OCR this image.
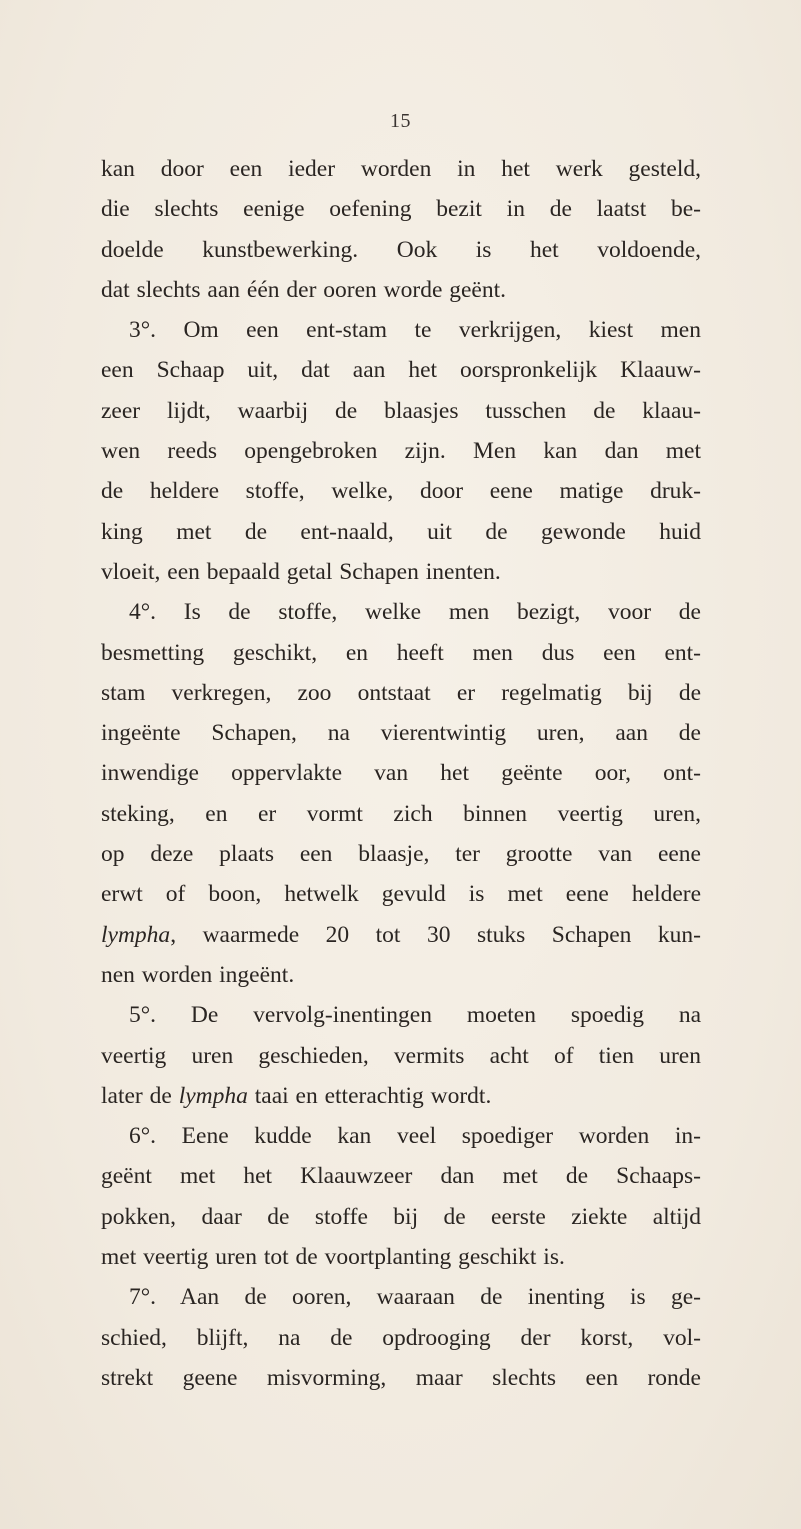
15
kan door een ieder worden in het werk gesteld,
die slechts eenige oefening bezit in de laatst be-
doelde kunstbewerking. Ook is het voldoende,
dat slechts aan één der ooren worde geënt.
3°. Om een ent-stam te verkrijgen, kiest men
een Schaap uit, dat aan het oorspronkelijk Klaauw-
zeer lijdt, waarbij de blaasjes tusschen de klaau-
wen reeds opengebroken zijn. Men kan dan met
de heldere stoffe, welke, door eene matige druk-
king met de ent-naald, uit de gewonde huid
vloeit, een bepaald getal Schapen inenten.
4°. Is de stoffe, welke men bezigt, voor de
besmetting geschikt, en heeft men dus een ent-
stam verkregen, zoo ontstaat er regelmatig bij de
ingeënte Schapen, na vierentwintig uren, aan de
inwendige oppervlakte van het geënte oor, ont-
steking, en er vormt zich binnen veertig uren,
op deze plaats een blaasje, ter grootte van eene
erwt of boon, hetwelk gevuld is met eene heldere
lympha, waarmede 20 tot 30 stuks Schapen kun-
nen worden ingeënt.
5°. De vervolg-inentingen moeten spoedig na
veertig uren geschieden, vermits acht of tien uren
later de lympha taai en etterachtig wordt.
6°. Eene kudde kan veel spoediger worden in-
geënt met het Klaauwzeer dan met de Schaaps-
pokken, daar de stoffe bij de eerste ziekte altijd
met veertig uren tot de voortplanting geschikt is.
7°. Aan de ooren, waaraan de inenting is ge-
schied, blijft, na de opdrooging der korst, vol-
strekt geene misvorming, maar slechts een ronde
